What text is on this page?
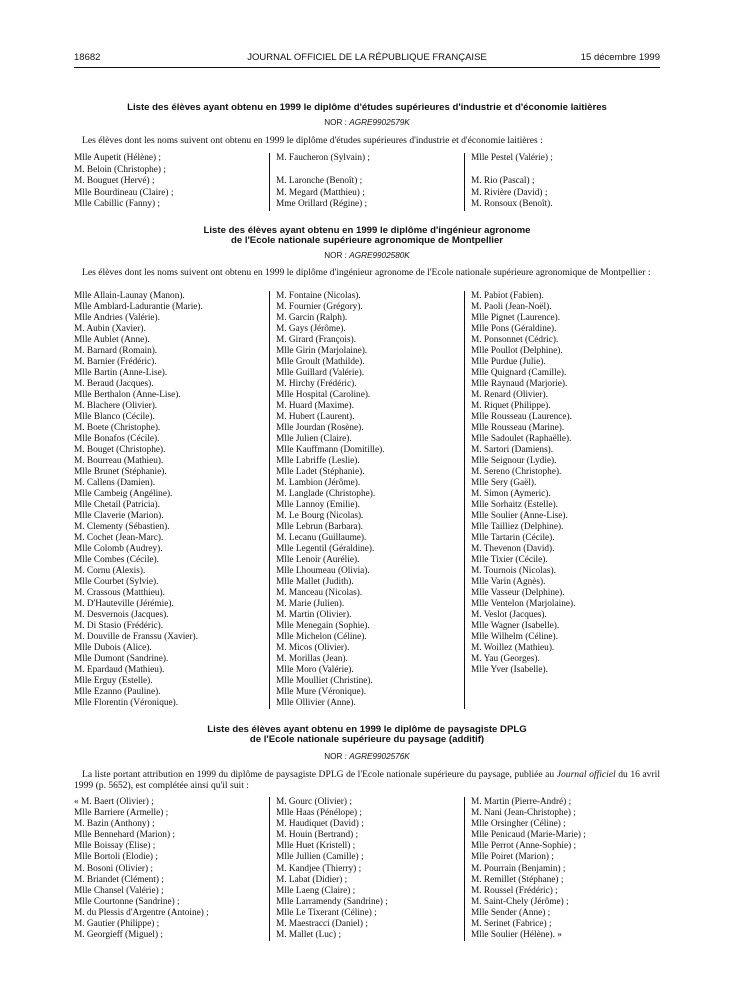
18682	JOURNAL OFFICIEL DE LA RÉPUBLIQUE FRANÇAISE	15 décembre 1999
Liste des élèves ayant obtenu en 1999 le diplôme d'études supérieures d'industrie et d'économie laitières
NOR : AGRE9902579K
Les élèves dont les noms suivent ont obtenu en 1999 le diplôme d'études supérieures d'industrie et d'économie laitières :
Mlle Aupetit (Hélène) ;
M. Beloin (Christophe) ;
M. Bouguet (Hervé) ;
Mlle Bourdineau (Claire) ;
Mlle Cabillic (Fanny) ;
M. Faucheron (Sylvain) ;
M. Laronche (Benoît) ;
M. Megard (Matthieu) ;
Mme Orillard (Régine) ;
Mlle Pestel (Valérie) ;
M. Rio (Pascal) ;
M. Rivière (David) ;
M. Ronsoux (Benoît).
Liste des élèves ayant obtenu en 1999 le diplôme d'ingénieur agronome
de l'Ecole nationale supérieure agronomique de Montpellier
NOR : AGRE9902580K
Les élèves dont les noms suivent ont obtenu en 1999 le diplôme d'ingénieur agronome de l'Ecole nationale supérieure agronomique de Montpellier :
Mlle Allain-Launay (Manon).
Mlle Amblard-Ladurantie (Marie).
Mlle Andries (Valérie).
M. Aubin (Xavier).
Mlle Aublet (Anne).
M. Barnard (Romain).
M. Barnier (Frédéric).
Mlle Bartin (Anne-Lise).
M. Beraud (Jacques).
Mlle Berthalon (Anne-Lise).
M. Blachere (Olivier).
Mlle Blanco (Cécile).
M. Boete (Christophe).
Mlle Bonafos (Cécile).
M. Bouget (Christophe).
M. Bourreau (Mathieu).
Mlle Brunet (Stéphanie).
M. Callens (Damien).
Mlle Cambeig (Angéline).
Mlle Chetail (Patricia).
Mlle Claverie (Marion).
M. Clementy (Sébastien).
M. Cochet (Jean-Marc).
Mlle Colomb (Audrey).
Mlle Combes (Cécile).
M. Cornu (Alexis).
Mlle Courbet (Sylvie).
M. Crassous (Matthieu).
M. D'Hauteville (Jérémie).
M. Desvernois (Jacques).
M. Di Stasio (Frédéric).
M. Douville de Franssu (Xavier).
Mlle Dubois (Alice).
Mlle Dumont (Sandrine).
M. Epardaud (Mathieu).
Mlle Erguy (Estelle).
Mlle Ezanno (Pauline).
Mlle Florentin (Véronique).
M. Fontaine (Nicolas).
M. Fournier (Grégory).
M. Garcin (Ralph).
M. Gays (Jérôme).
M. Girard (François).
Mlle Girin (Marjolaine).
Mlle Groult (Mathilde).
Mlle Guillard (Valérie).
M. Hirchy (Frédéric).
Mlle Hospital (Caroline).
M. Huard (Maxime).
M. Hubert (Laurent).
Mlle Jourdan (Rosène).
Mlle Julien (Claire).
Mlle Kauffmann (Domitille).
Mlle Labriffe (Leslie).
Mlle Ladet (Stéphanie).
M. Lambion (Jérôme).
M. Langlade (Christophe).
Mlle Lannoy (Emilie).
M. Le Bourg (Nicolas).
Mlle Lebrun (Barbara).
M. Lecanu (Guillaume).
Mlle Legentil (Géraldine).
Mlle Lenoir (Aurélie).
Mlle Lhoumeau (Olivia).
Mlle Mallet (Judith).
M. Manceau (Nicolas).
M. Marie (Julien).
M. Martin (Olivier).
Mlle Menegain (Sophie).
Mlle Michelon (Céline).
M. Micos (Olivier).
M. Morillas (Jean).
Mlle Moro (Valérie).
Mlle Moulliet (Christine).
Mlle Mure (Véronique).
Mlle Ollivier (Anne).
M. Pabiot (Fabien).
M. Paoli (Jean-Noël).
Mlle Pignet (Laurence).
Mlle Pons (Géraldine).
M. Ponsonnet (Cédric).
Mlle Poullot (Delphine).
Mlle Purdue (Julie).
Mlle Quignard (Camille).
Mlle Raynaud (Marjorie).
M. Renard (Olivier).
M. Riquet (Philippe).
Mlle Rousseau (Laurence).
Mlle Rousseau (Marine).
Mlle Sadoulet (Raphaëlle).
M. Sartori (Damiens).
Mlle Seignour (Lydie).
M. Sereno (Christophe).
Mlle Sery (Gaël).
M. Simon (Aymeric).
Mlle Sorhaitz (Estelle).
Mlle Soulier (Anne-Lise).
Mlle Tailliez (Delphine).
Mlle Tartarin (Cécile).
M. Thevenon (David).
Mlle Tixier (Cécile).
M. Tournois (Nicolas).
Mlle Varin (Agnès).
Mlle Vasseur (Delphine).
Mlle Ventelon (Marjolaine).
M. Veslot (Jacques).
Mlle Wagner (Isabelle).
Mlle Wilhelm (Céline).
M. Woillez (Mathieu).
M. Yau (Georges).
Mlle Yver (Isabelle).
Liste des élèves ayant obtenu en 1999 le diplôme de paysagiste DPLG
de l'Ecole nationale supérieure du paysage (additif)
NOR : AGRE9902576K
La liste portant attribution en 1999 du diplôme de paysagiste DPLG de l'Ecole nationale supérieure du paysage, publiée au Journal officiel du 16 avril 1999 (p. 5652), est complétée ainsi qu'il suit :
« M. Baert (Olivier) ;
Mlle Barriere (Armelle) ;
M. Bazin (Anthony) ;
Mlle Bennehard (Marion) ;
Mlle Boissay (Elise) ;
Mlle Bortoli (Elodie) ;
M. Bosoni (Olivier) ;
M. Briandet (Clément) ;
Mlle Chansel (Valérie) ;
Mlle Courtonne (Sandrine) ;
M. du Plessis d'Argentre (Antoine) ;
M. Gautier (Philippe) ;
M. Georgieff (Miguel) ;
M. Gourc (Olivier) ;
Mlle Haas (Pénélope) ;
M. Haudiquet (David) ;
M. Houin (Bertrand) ;
Mlle Huet (Kristell) ;
Mlle Jullien (Camille) ;
M. Kandjee (Thierry) ;
M. Labat (Didier) ;
Mlle Laeng (Claire) ;
Mlle Larramendy (Sandrine) ;
Mlle Le Tixerant (Céline) ;
M. Maestracci (Daniel) ;
M. Mallet (Luc) ;
M. Martin (Pierre-André) ;
M. Nani (Jean-Christophe) ;
Mlle Orsingher (Céline) ;
Mlle Penicaud (Marie-Marie) ;
Mlle Perrot (Anne-Sophie) ;
Mlle Poiret (Marion) ;
M. Pourrain (Benjamin) ;
M. Remillet (Stéphane) ;
M. Roussel (Frédéric) ;
M. Saint-Chely (Jérôme) ;
Mlle Sender (Anne) ;
M. Serinet (Fabrice) ;
Mlle Soulier (Hélène). »
